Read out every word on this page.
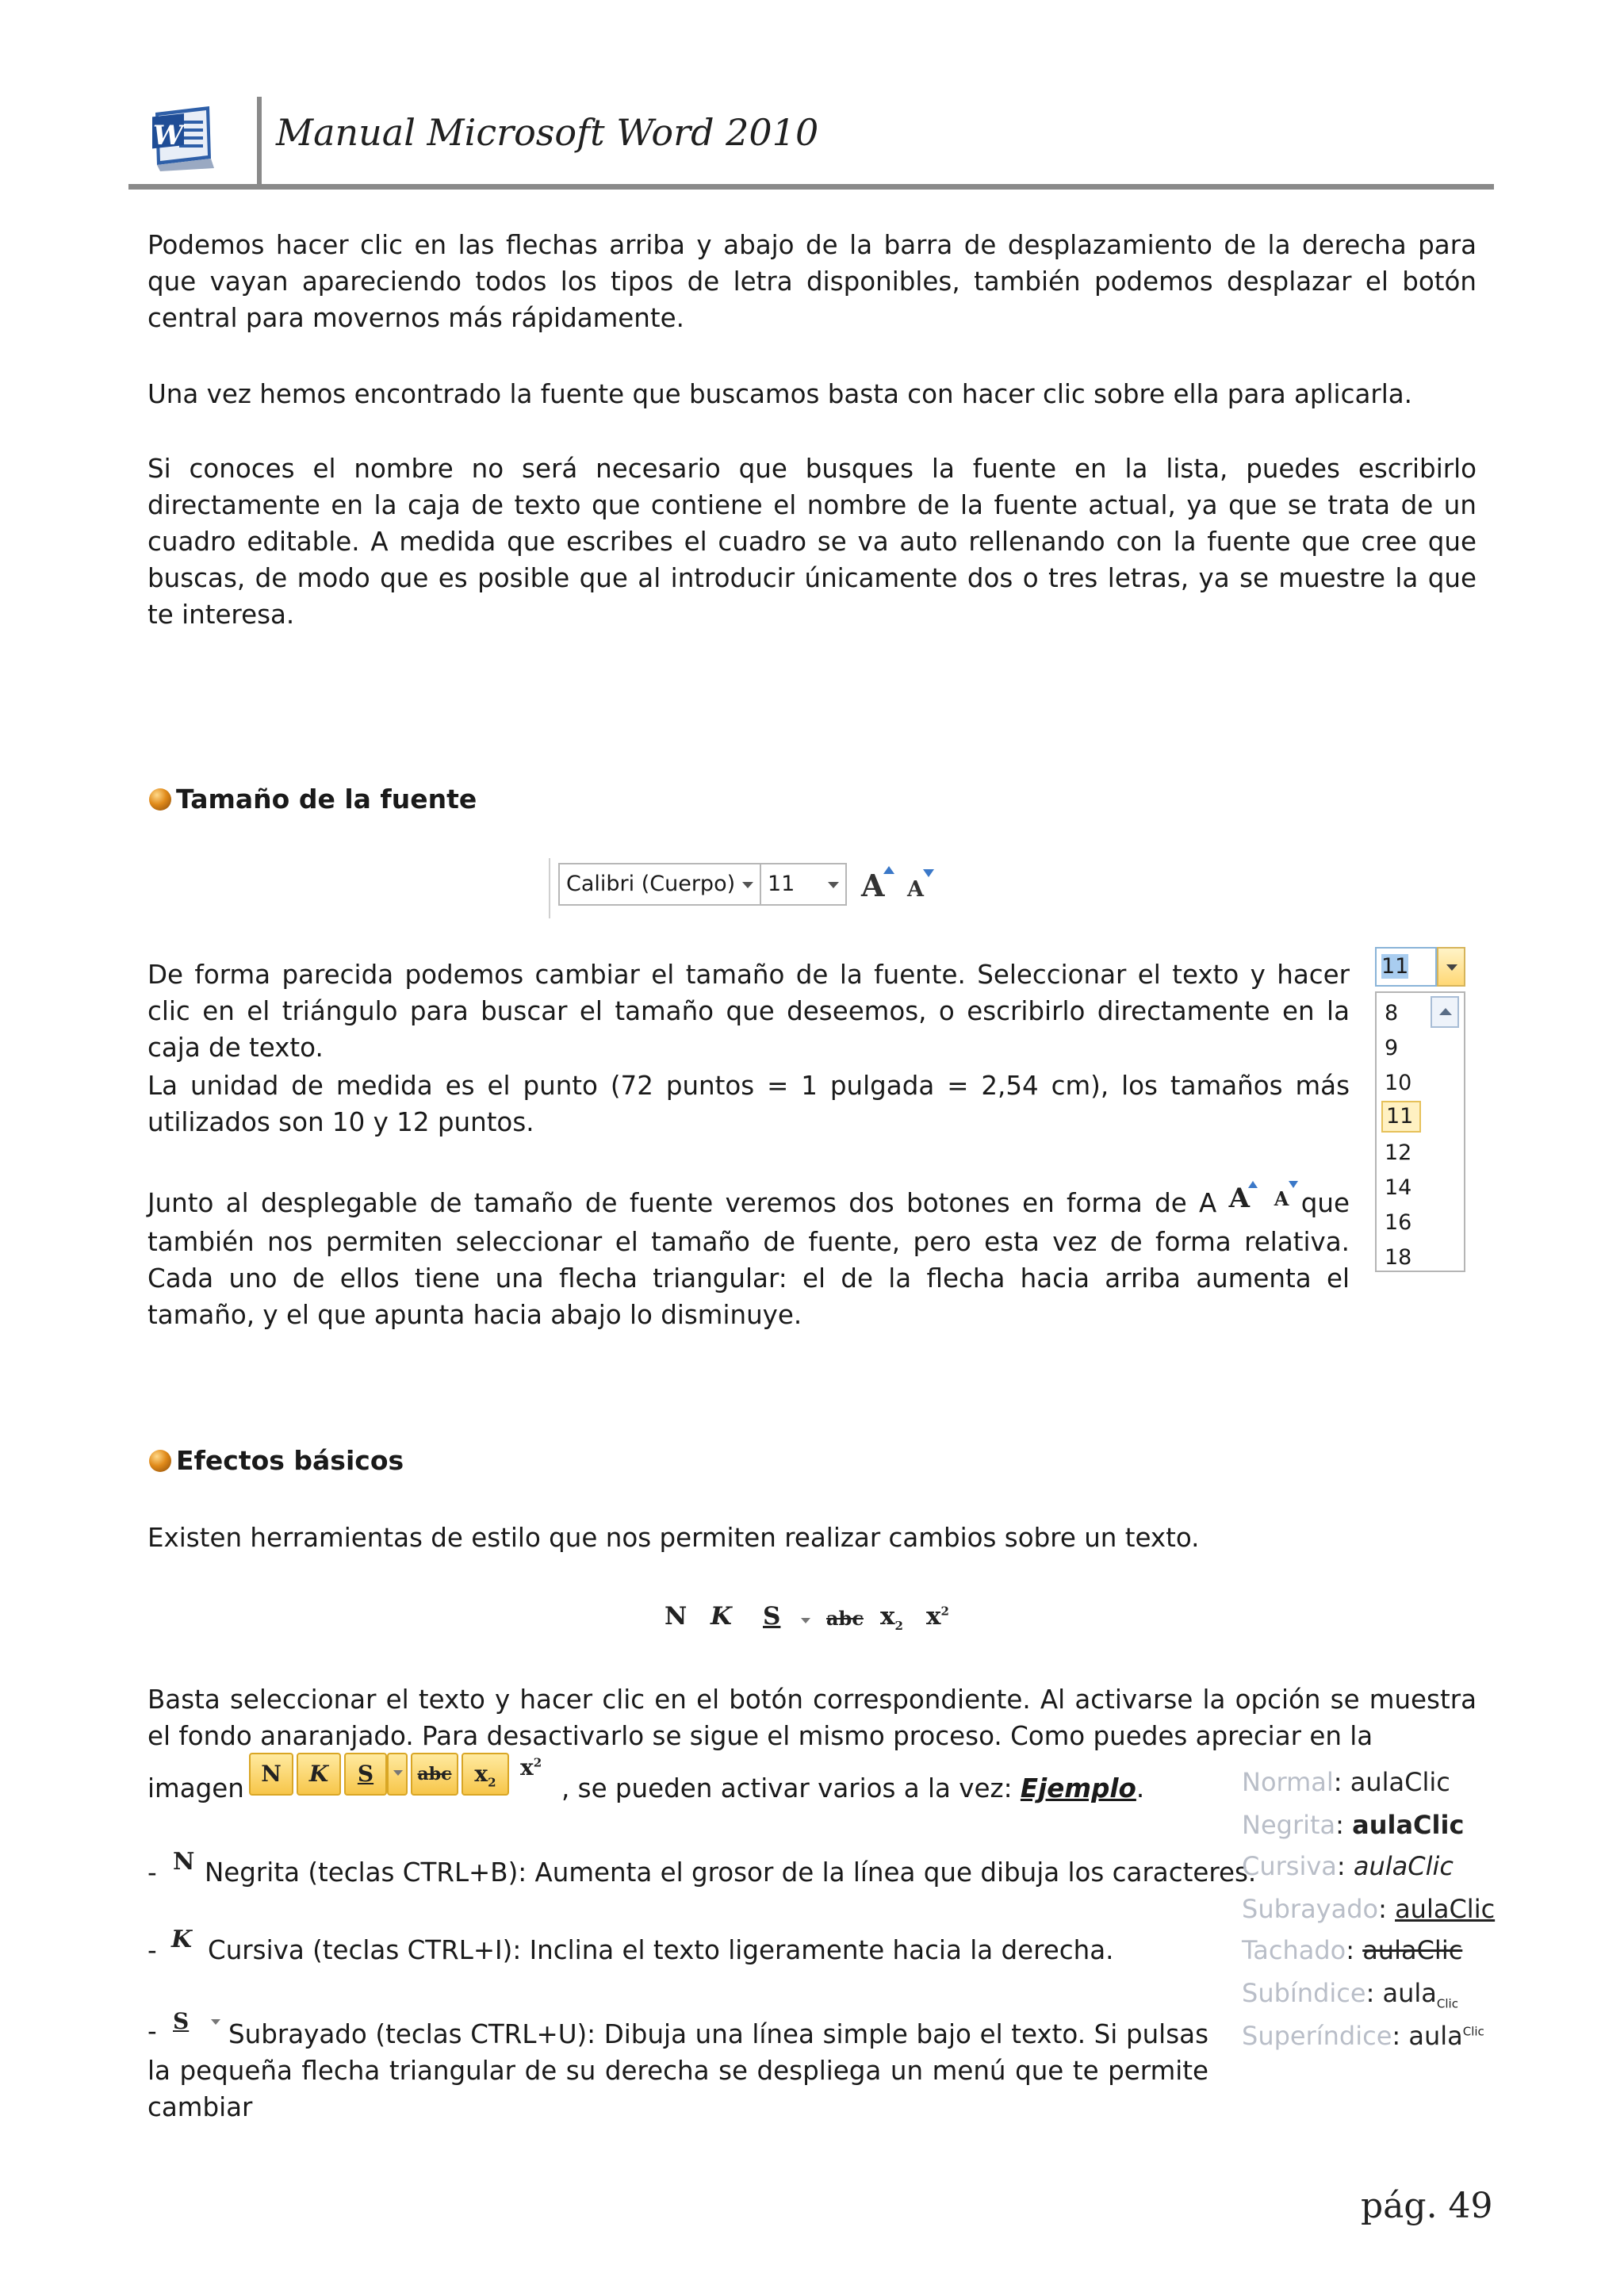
W	Manual Microsoft Word 2010
Podemos hacer clic en las flechas arriba y abajo de la barra de desplazamiento de la derecha para que vayan apareciendo todos los tipos de letra disponibles, también podemos desplazar el botón central para movernos más rápidamente.
Una vez hemos encontrado la fuente que buscamos basta con hacer clic sobre ella para aplicarla.
Si conoces el nombre no será necesario que busques la fuente en la lista, puedes escribirlo directamente en la caja de texto que contiene el nombre de la fuente actual, ya que se trata de un cuadro editable. A medida que escribes el cuadro se va auto rellenando con la fuente que cree que buscas, de modo que es posible que al introducir únicamente dos o tres letras, ya se muestre la que te interesa.
Tamaño de la fuente
Calibri (Cuerpo)	11	A A
11
8
9
10
11
12
14
16
18
De forma parecida podemos cambiar el tamaño de la fuente. Seleccionar el texto y hacer clic en el triángulo para buscar el tamaño que deseemos, o escribirlo directamente en la caja de texto.
La unidad de medida es el punto (72 puntos = 1 pulgada = 2,54 cm), los tamaños más utilizados son 10 y 12 puntos.
Junto al desplegable de tamaño de fuente veremos dos botones en forma de A A $^A$ que también nos permiten seleccionar el tamaño de fuente, pero esta vez de forma relativa. Cada uno de ellos tiene una flecha triangular: el de la flecha hacia arriba aumenta el tamaño, y el que apunta hacia abajo lo disminuye.
Efectos básicos
Existen herramientas de estilo que nos permiten realizar cambios sobre un texto.
N K S abc $x_2$ $x^2$
Basta seleccionar el texto y hacer clic en el botón correspondiente. Al activarse la opción se muestra el fondo anaranjado. Para desactivarlo se sigue el mismo proceso. Como puedes apreciar en la
imagen N	K	S	abc	$x_2$
$x^2$
, se pueden activar varios a la vez: Ejemplo.
- N Negrita (teclas CTRL+B): Aumenta el grosor de la línea que dibuja los caracteres.
- K Cursiva (teclas CTRL+I): Inclina el texto ligeramente hacia la derecha.
- S	Subrayado (teclas CTRL+U): Dibuja una línea simple bajo el texto. Si pulsas la pequeña flecha triangular de su derecha se despliega un menú que te permite cambiar
Normal: aulaClic
Negrita: aulaClic
Cursiva: aulaClic
Subrayado: aulaClic
Tachado: aulaClic
Subíndice: aula$_{Clic}$
Superíndice: aula$^{Clic}$
pág. 49
